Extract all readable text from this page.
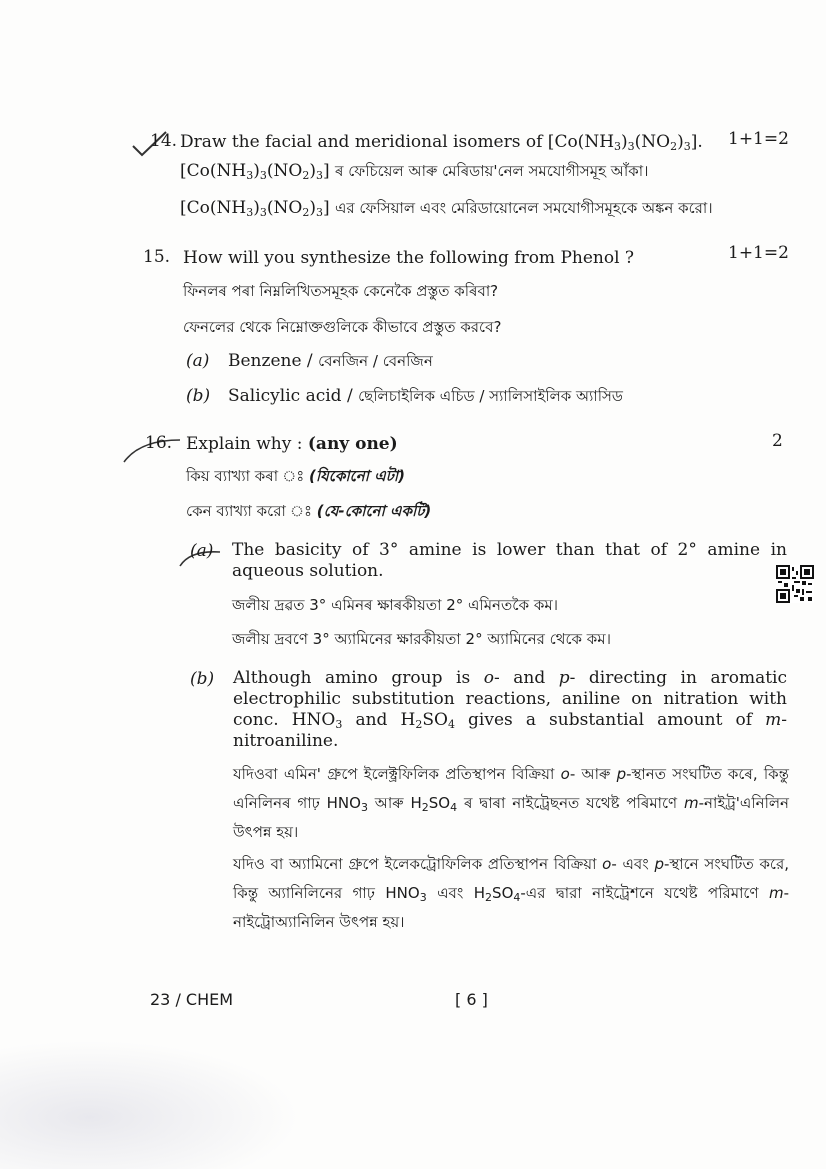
14. Draw the facial and meridional isomers of $[Co(NH_3)_3(NO_2)_3]$. 1+1=2
$[Co(NH_3)_3(NO_2)_3]$ ৰ ফেচিয়েল আৰু মেৰিডায়'নেল সমযোগীসমূহ আঁকা।
$[Co(NH_3)_3(NO_2)_3]$ এর ফেসিয়াল এবং মেরিডায়োনেল সমযোগীসমূহকে অঙ্কন করো।
15. How will you synthesize the following from Phenol ?	1+1=2
ফিনলৰ পৰা নিম্নলিখিতসমূহক কেনেকৈ প্ৰস্তুত কৰিবা?
ফেনলের থেকে নিম্নোক্তগুলিকে কীভাবে প্রস্তুত করবে?
(a) Benzene / বেনজিন / বেনজিন
(b) Salicylic acid / ছেলিচাইলিক এচিড / স্যালিসাইলিক অ্যাসিড
16. Explain why : (any one)	2
কিয় ব্যাখ্যা কৰা ঃ (যিকোনো এটা)
কেন ব্যাখ্যা করো ঃ (যে-কোনো একটি)
(a) The basicity of 3° amine is lower than that of 2° amine in aqueous solution.
জলীয় দ্ৰৱত 3° এমিনৰ ক্ষাৰকীয়তা 2° এমিনতকৈ কম।
জলীয় দ্রবণে 3° অ্যামিনের ক্ষারকীয়তা 2° অ্যামিনের থেকে কম।
(b) Although amino group is o- and p- directing in aromatic electrophilic substitution reactions, aniline on nitration with conc. $HNO_3$ and $H_2SO_4$ gives a substantial amount of m-nitroaniline.
যদিওবা এমিন' গ্ৰুপে ইলেক্ট্ৰফিলিক প্ৰতিস্থাপন বিক্ৰিয়া o- আৰু p-স্থানত সংঘটিত কৰে, কিন্তু এনিলিনৰ গাঢ় $HNO_3$ আৰু $H_2SO_4$ ৰ দ্বাৰা নাইট্ৰেছনত যথেষ্ট পৰিমাণে m-নাইট্ৰ'এনিলিন উৎপন্ন হয়।
যদিও বা অ্যামিনো গ্রুপে ইলেকট্রোফিলিক প্রতিস্থাপন বিক্রিয়া o- এবং p-স্থানে সংঘটিত করে, কিন্তু অ্যানিলিনের গাঢ় $HNO_3$ এবং $H_2SO_4-এর$ দ্বারা নাইট্রেশনে যথেষ্ট পরিমাণে m-নাইট্রোঅ্যানিলিন উৎপন্ন হয়।
23 / CHEM	[ 6 ]
